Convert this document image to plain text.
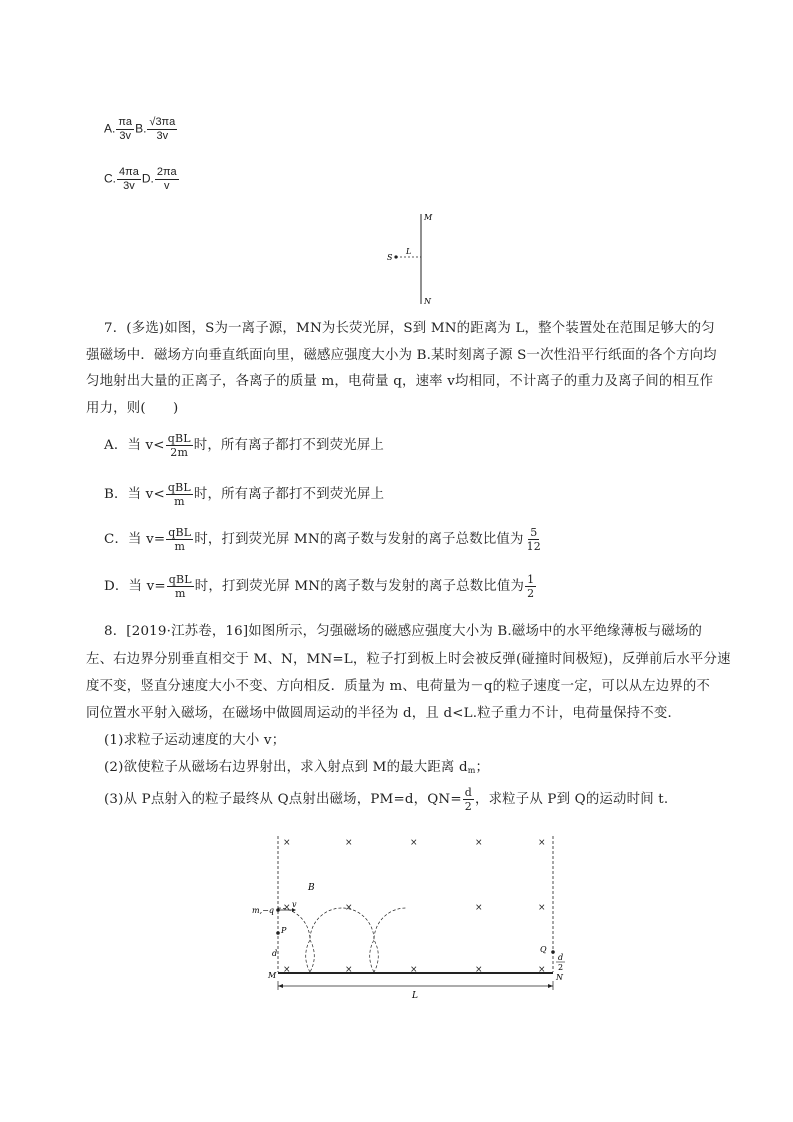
A. $\frac{\pi a}{3v} B$. $\frac{√3\pi a}{3v}$
C. $\frac{4\pi a}{3v} D$. $\frac{2\pi a}{v}$
M
N
S
L
7．(多选)如图，S为一离子源，MN为长荧光屏，S到 MN的距离为 L，整个装置处在范围足够大的匀
强磁场中．磁场方向垂直纸面向里，磁感应强度大小为 B.某时刻离子源 S一次性沿平行纸面的各个方向均
匀地射出大量的正离子，各离子的质量 m，电荷量 q，速率 v均相同，不计离子的重力及离子间的相互作
用力，则(　　)
A．当 $v< \frac{\text{qBL}}{2m}$ 时，所有离子都打不到荧光屏上
B．当 $v< \frac{\text{qBL}}{m}$ 时，所有离子都打不到荧光屏上
C．当 $v= \frac{\text{qBL}}{m}$ 时，打到荧光屏 MN的离子数与发射的离子总数比值为 $\frac{5}{12}$
D．当 $v= \frac{\text{qBL}}{m}$ 时，打到荧光屏 MN的离子数与发射的离子总数比值为 $\frac{1}{2}$
8．[2019·江苏卷，16]如图所示，匀强磁场的磁感应强度大小为 B.磁场中的水平绝缘薄板与磁场的
左、右边界分别垂直相交于 M、N，MN=L，粒子打到板上时会被反弹(碰撞时间极短)，反弹前后水平分速
度不变，竖直分速度大小不变、方向相反．质量为 m、电荷量为－q的粒子速度一定，可以从左边界的不
同位置水平射入磁场，在磁场中做圆周运动的半径为 d，且 d<L.粒子重力不计，电荷量保持不变．
(1)求粒子运动速度的大小 v；
(2)欲使粒子从磁场右边界射出，求入射点到 M的最大距离 $d_m$；
(3)从 P点射入的粒子最终从 Q点射出磁场，PM=d，$QN= \frac{d}{2}$ ，求粒子从 P到 Q的运动时间 t.
×	×	×	×	×
×	×	×	×
×	×	×	×	×
B
m,−q
v
P
d
M
Q
d
2
N
L
